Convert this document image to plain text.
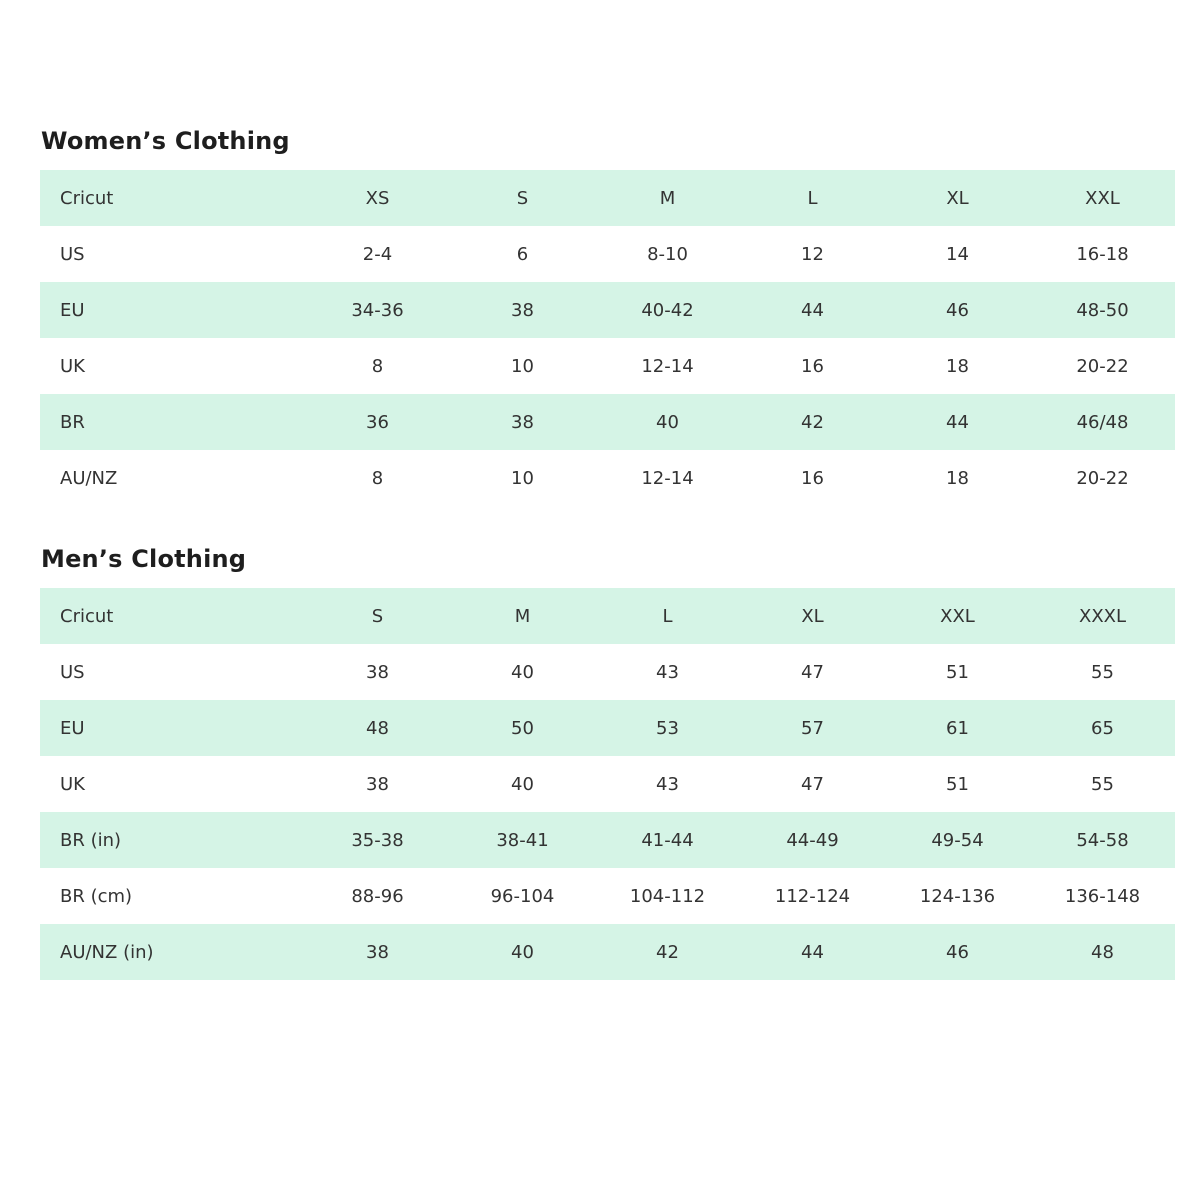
Women’s Clothing
Cricut	XS	S	M	L	XL	XXL
US	2-4	6	8-10	12	14	16-18
EU	34-36	38	40-42	44	46	48-50
UK	8	10	12-14	16	18	20-22
BR	36	38	40	42	44	46/48
AU/NZ	8	10	12-14	16	18	20-22
Men’s Clothing
Cricut	S	M	L	XL	XXL	XXXL
US	38	40	43	47	51	55
EU	48	50	53	57	61	65
UK	38	40	43	47	51	55
BR (in)	35-38	38-41	41-44	44-49	49-54	54-58
BR (cm)	88-96	96-104	104-112	112-124	124-136	136-148
AU/NZ (in)	38	40	42	44	46	48
